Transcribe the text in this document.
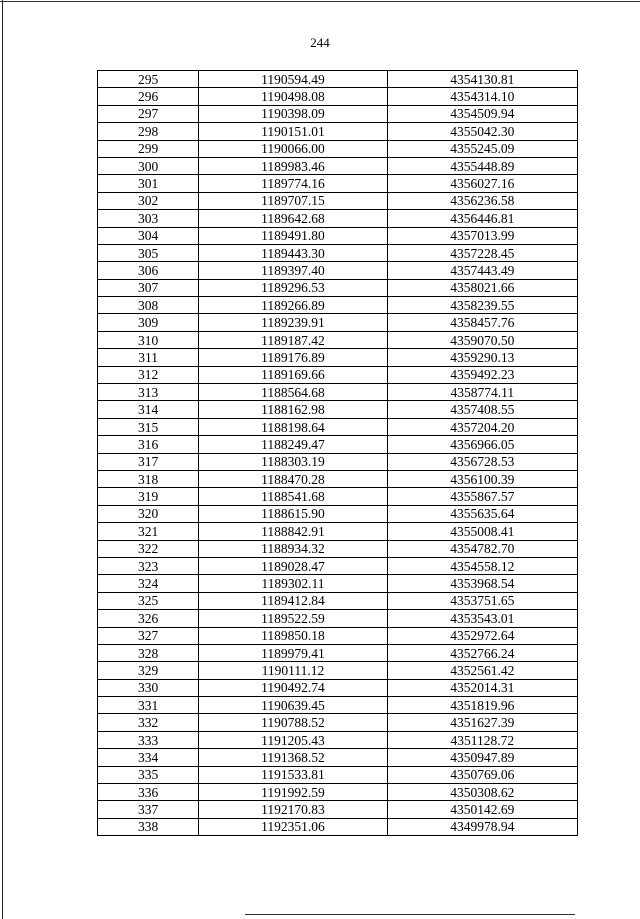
244
295	1190594.49	4354130.81
296	1190498.08	4354314.10
297	1190398.09	4354509.94
298	1190151.01	4355042.30
299	1190066.00	4355245.09
300	1189983.46	4355448.89
301	1189774.16	4356027.16
302	1189707.15	4356236.58
303	1189642.68	4356446.81
304	1189491.80	4357013.99
305	1189443.30	4357228.45
306	1189397.40	4357443.49
307	1189296.53	4358021.66
308	1189266.89	4358239.55
309	1189239.91	4358457.76
310	1189187.42	4359070.50
311	1189176.89	4359290.13
312	1189169.66	4359492.23
313	1188564.68	4358774.11
314	1188162.98	4357408.55
315	1188198.64	4357204.20
316	1188249.47	4356966.05
317	1188303.19	4356728.53
318	1188470.28	4356100.39
319	1188541.68	4355867.57
320	1188615.90	4355635.64
321	1188842.91	4355008.41
322	1188934.32	4354782.70
323	1189028.47	4354558.12
324	1189302.11	4353968.54
325	1189412.84	4353751.65
326	1189522.59	4353543.01
327	1189850.18	4352972.64
328	1189979.41	4352766.24
329	1190111.12	4352561.42
330	1190492.74	4352014.31
331	1190639.45	4351819.96
332	1190788.52	4351627.39
333	1191205.43	4351128.72
334	1191368.52	4350947.89
335	1191533.81	4350769.06
336	1191992.59	4350308.62
337	1192170.83	4350142.69
338	1192351.06	4349978.94
